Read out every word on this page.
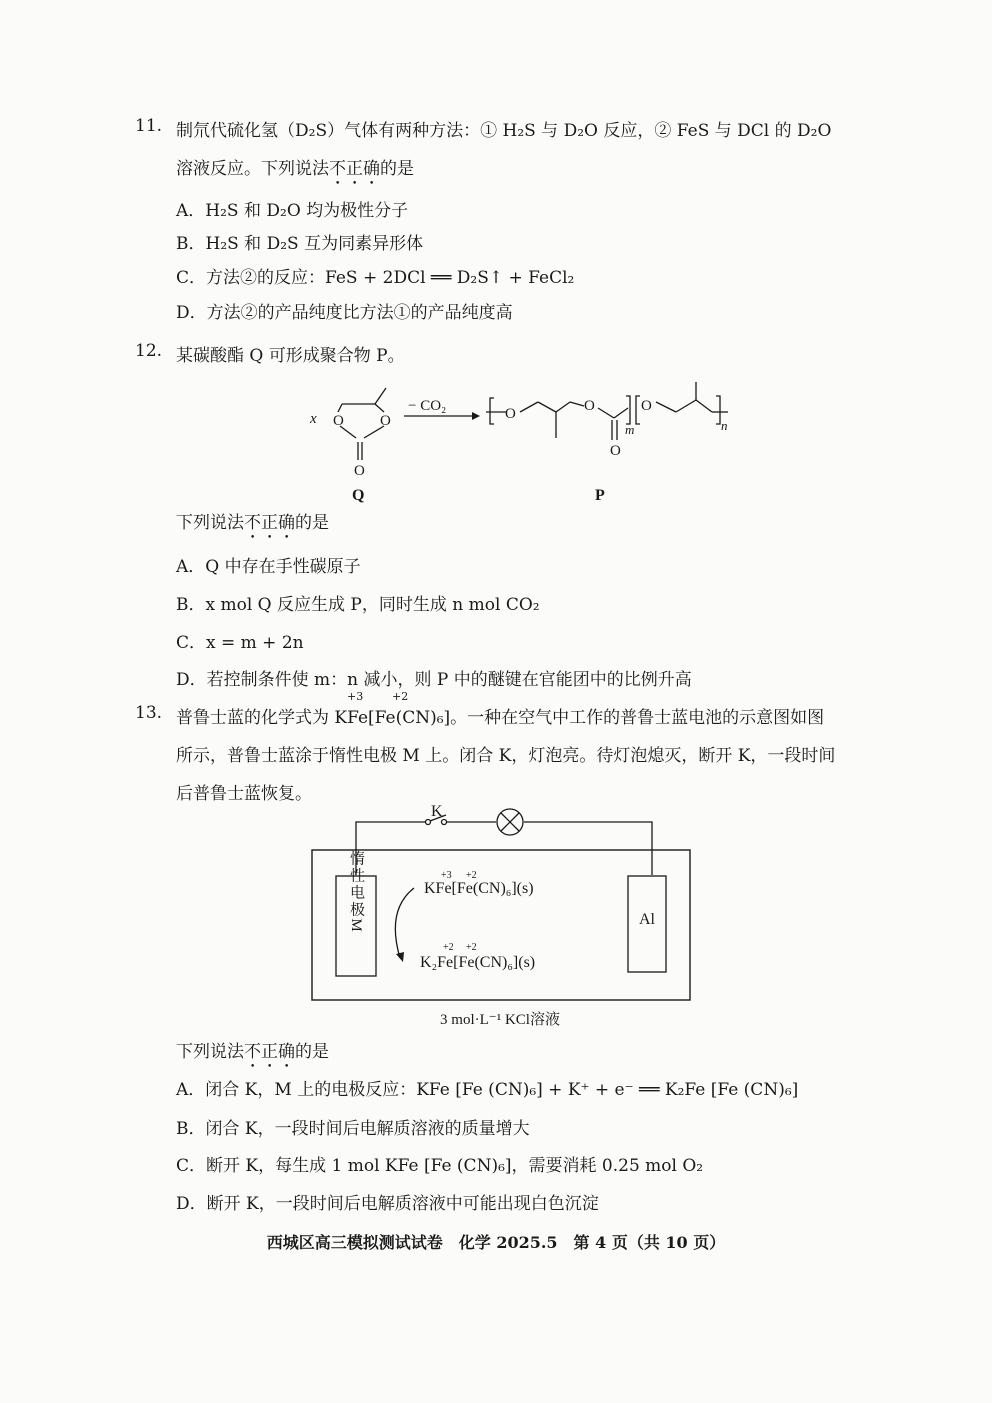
11. 制氘代硫化氢（D₂S）气体有两种方法：① H₂S 与 D₂O 反应，② FeS 与 DCl 的 D₂O
溶液反应。下列说法不正确的是
A．H₂S 和 D₂O 均为极性分子
B．H₂S 和 D₂S 互为同素异形体
C．方法②的反应：FeS + 2DCl ══ D₂S↑ + FeCl₂
D．方法②的产品纯度比方法①的产品纯度高
12. 某碳酸酯 Q 可形成聚合物 P。
x O O
O
Q
− CO₂	O	O
O
O
m	n
P
下列说法不正确的是
A．Q 中存在手性碳原子
B．x mol Q 反应生成 P，同时生成 n mol CO₂
C．x = m + 2n
D．若控制条件使 m：n 减小，则 P 中的醚键在官能团中的比例升高
13.
+3	+2
普鲁士蓝的化学式为 KFe[Fe(CN)₆]。一种在空气中工作的普鲁士蓝电池的示意图如图
所示，普鲁士蓝涂于惰性电极 M 上。闭合 K，灯泡亮。待灯泡熄灭，断开 K，一段时间
后普鲁士蓝恢复。
K
惰性电极M	Al
+3 +2
KFe[Fe(CN)₆](s)
+2 +2
K₂Fe[Fe(CN)₆](s)
3 mol·L⁻¹ KCl溶液
下列说法不正确的是
A．闭合 K，M 上的电极反应：KFe [Fe (CN)₆] + K⁺ + e⁻ ══ K₂Fe [Fe (CN)₆]
B．闭合 K，一段时间后电解质溶液的质量增大
C．断开 K，每生成 1 mol KFe [Fe (CN)₆]，需要消耗 0.25 mol O₂
D．断开 K，一段时间后电解质溶液中可能出现白色沉淀
西城区高三模拟测试试卷　化学 2025.5　第 4 页（共 10 页）
